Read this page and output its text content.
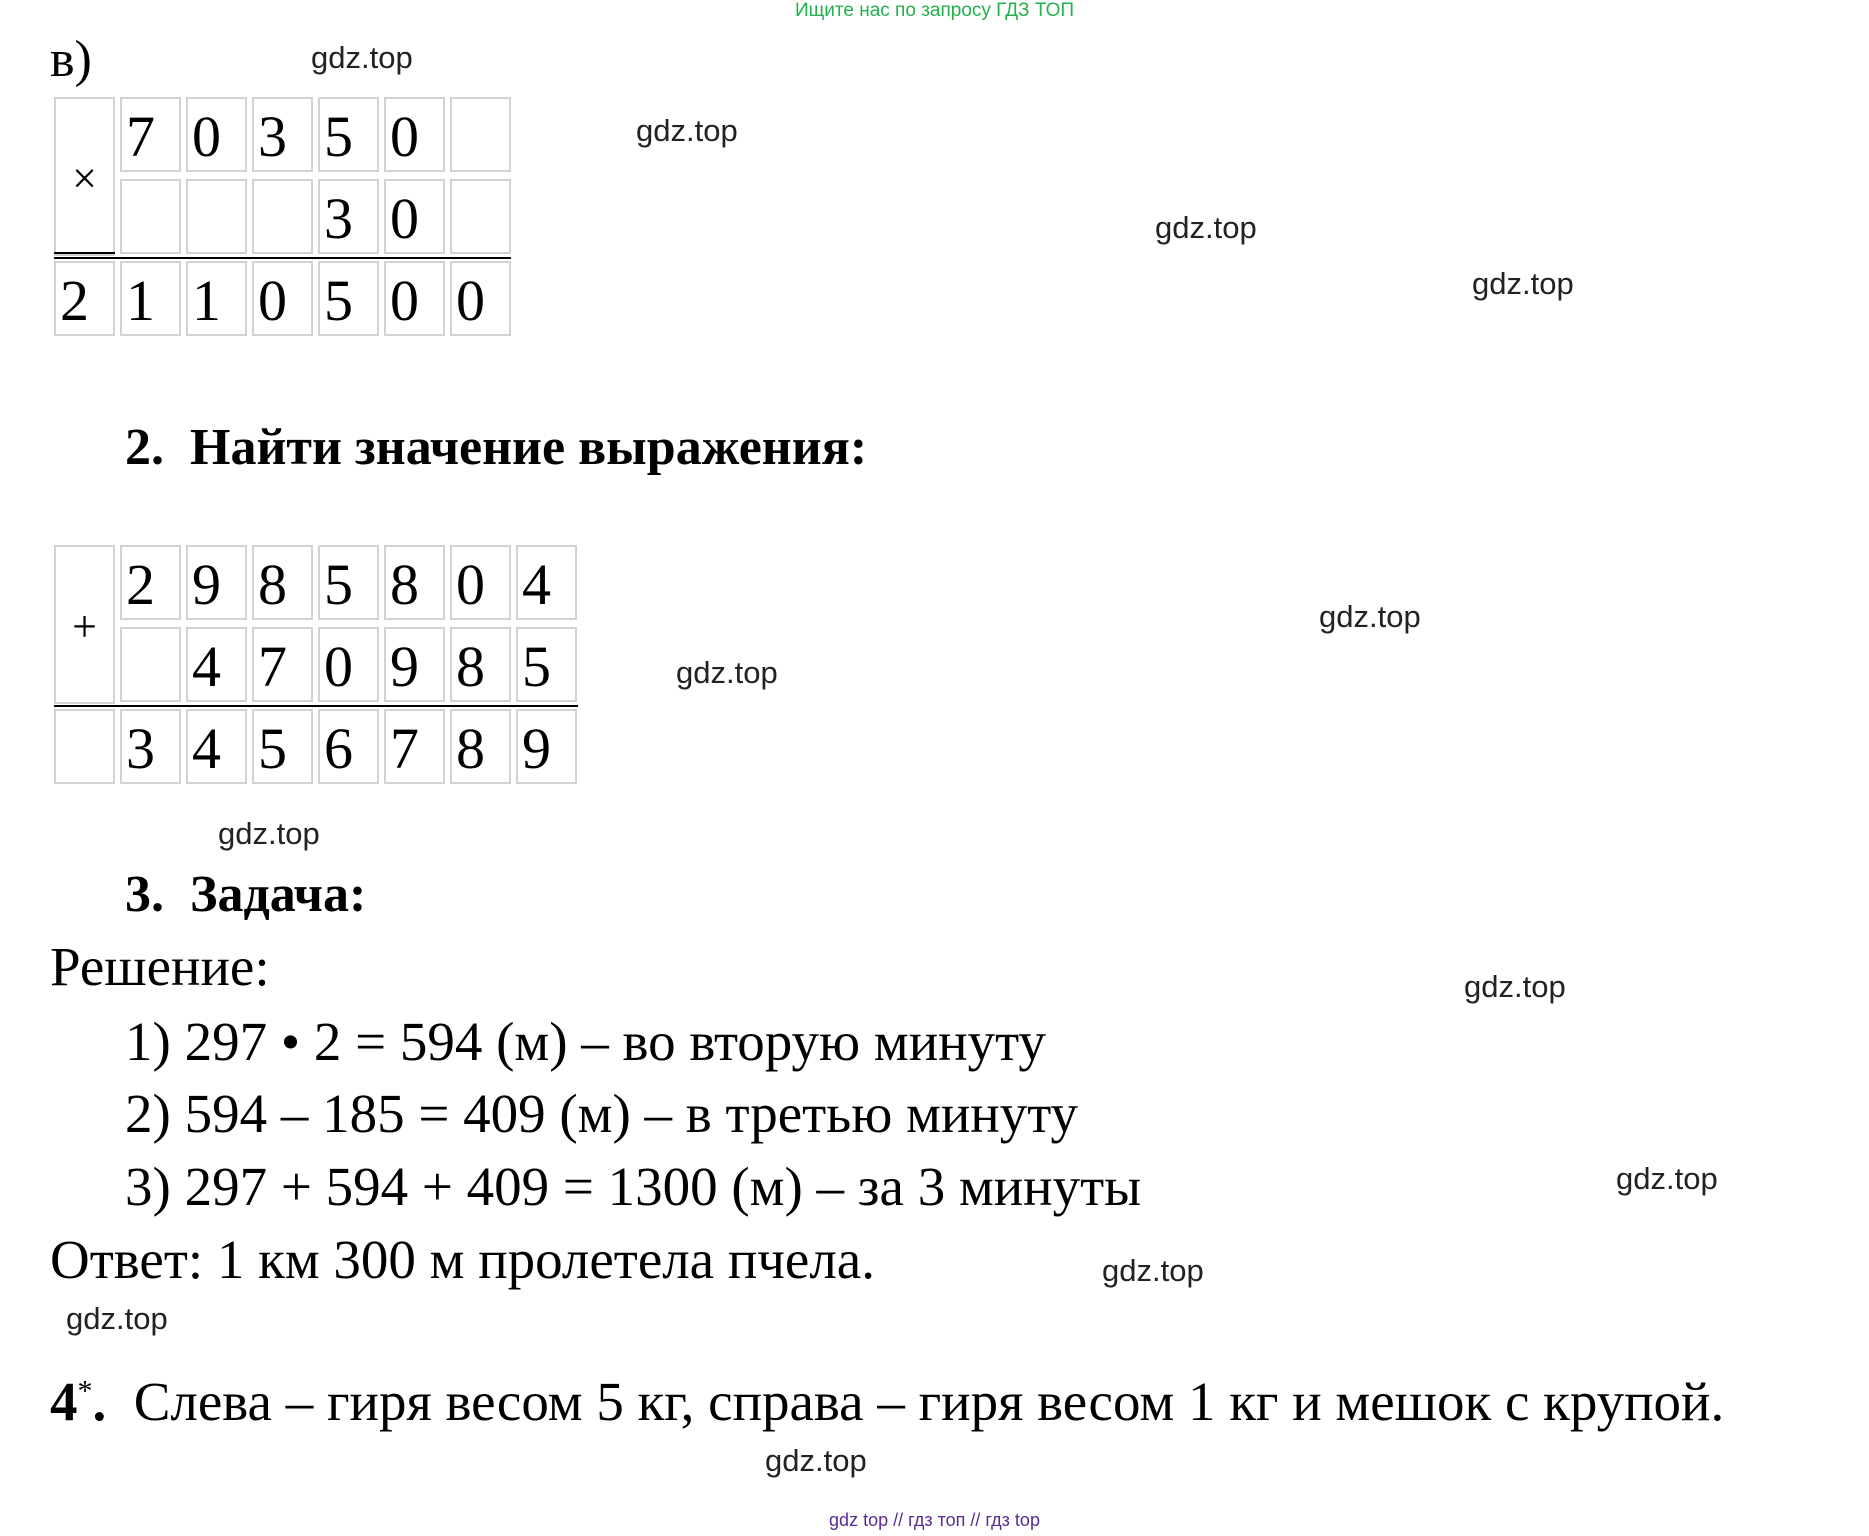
Ищите нас по запросу ГДЗ ТОП
в)
×
7 0 3 5 0
3 0
2 1 1 0 5 0 0
2. Найти значение выражения:
+
2 9 8 5 8 0 4
4 7 0 9 8 5
3 4 5 6 7 8 9
3. Задача:
Решение:
1) 297 • 2 = 594 (м) – во вторую минуту
2) 594 – 185 = 409 (м) – в третью минуту
3) 297 + 594 + 409 = 1300 (м) – за 3 минуты
Ответ: 1 км 300 м пролетела пчела.
4*. Слева – гиря весом 5 кг, справа – гиря весом 1 кг и мешок с крупой.
gdz.top
gdz.top
gdz.top
gdz.top
gdz.top
gdz.top
gdz.top
gdz.top
gdz.top
gdz.top
gdz.top
gdz.top
gdz top // гдз топ // гдз top
